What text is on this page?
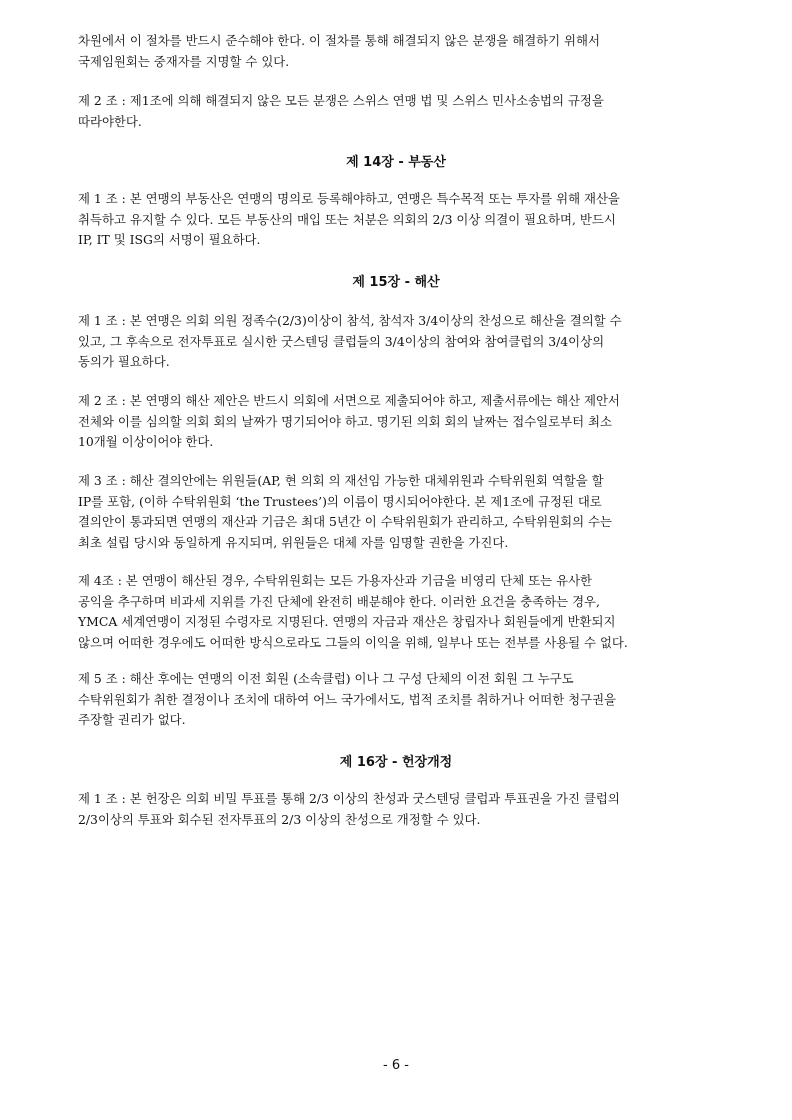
차원에서 이 절차를 반드시 준수해야 한다. 이 절차를 통해 해결되지 않은 분쟁을 해결하기 위해서
국제임원회는 중재자를 지명할 수 있다.
제 2 조 : 제1조에 의해 해결되지 않은 모든 분쟁은 스위스 연맹 법 및 스위스 민사소송법의 규정을
따라야한다.
제 14장 - 부동산
제 1 조 : 본 연맹의 부동산은 연맹의 명의로 등록해야하고, 연맹은 특수목적 또는 투자를 위해 재산을
취득하고 유지할 수 있다. 모든 부동산의 매입 또는 처분은 의회의 2/3 이상 의결이 필요하며, 반드시
IP, IT 및 ISG의 서명이 필요하다.
제 15장 - 해산
제 1 조 : 본 연맹은 의회 의원 정족수(2/3)이상이 참석, 참석자 3/4이상의 찬성으로 해산을 결의할 수
있고, 그 후속으로 전자투표로 실시한 굿스텐딩 클럽들의 3/4이상의 참여와 참여클럽의 3/4이상의
동의가 필요하다.
제 2 조 : 본 연맹의 해산 제안은 반드시 의회에 서면으로 제출되어야 하고, 제출서류에는 해산 제안서
전체와 이를 심의할 의회 회의 날짜가 명기되어야 하고. 명기된 의회 회의 날짜는 접수일로부터 최소
10개월 이상이어야 한다.
제 3 조 : 해산 결의안에는 위원들(AP, 현 의회 의 재선임 가능한 대체위원과 수탁위원회 역할을 할
IP를 포함, (이하 수탁위원회 ‘the Trustees’)의 이름이 명시되어야한다. 본 제1조에 규정된 대로
결의안이 통과되면 연맹의 재산과 기금은 최대 5년간 이 수탁위원회가 관리하고, 수탁위원회의 수는
최초 설립 당시와 동일하게 유지되며, 위원들은 대체 자를 임명할 권한을 가진다.
제 4조 : 본 연맹이 해산된 경우, 수탁위원회는 모든 가용자산과 기금을 비영리 단체 또는 유사한
공익을 추구하며 비과세 지위를 가진 단체에 완전히 배분해야 한다. 이러한 요건을 충족하는 경우,
YMCA 세계연맹이 지정된 수령자로 지명된다. 연맹의 자금과 재산은 창립자나 회원들에게 반환되지
않으며 어떠한 경우에도 어떠한 방식으로라도 그들의 이익을 위해, 일부나 또는 전부를 사용될 수 없다.
제 5 조 : 해산 후에는 연맹의 이전 회원 (소속클럽) 이나 그 구성 단체의 이전 회원 그 누구도
수탁위원회가 취한 결정이나 조치에 대하여 어느 국가에서도, 법적 조치를 취하거나 어떠한 청구권을
주장할 권리가 없다.
제 16장 - 헌장개정
제 1 조 : 본 헌장은 의회 비밀 투표를 통해 2/3 이상의 찬성과 굿스텐딩 클럽과 투표권을 가진 클럽의
2/3이상의 투표와 회수된 전자투표의 2/3 이상의 찬성으로 개정할 수 있다.
- 6 -
